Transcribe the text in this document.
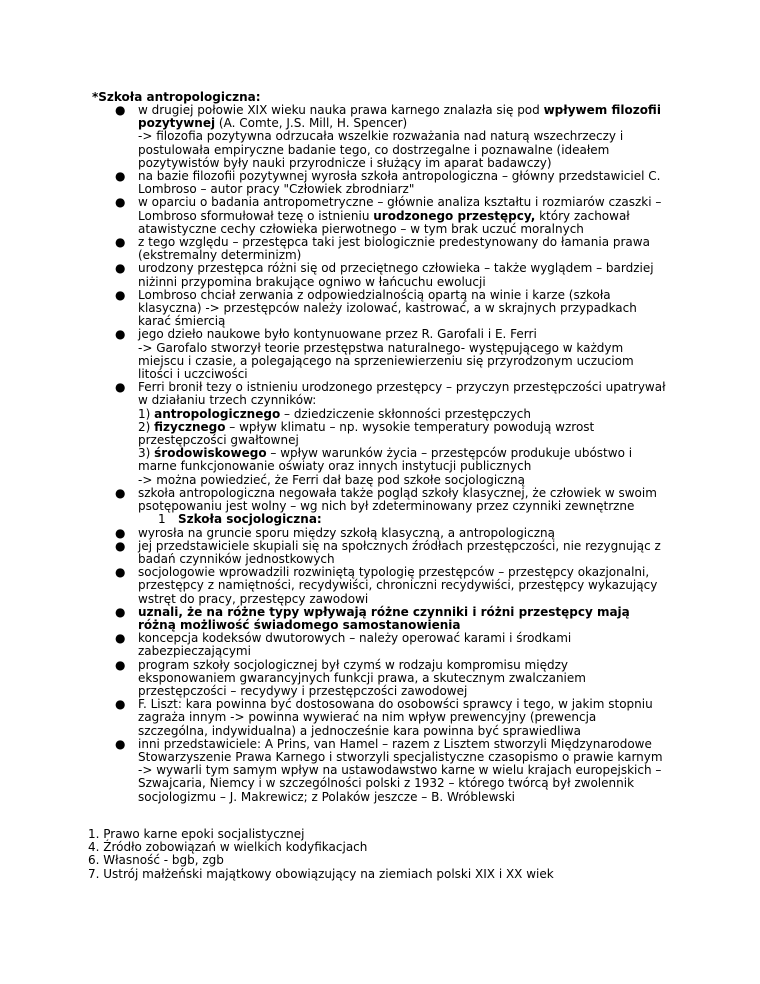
*Szkoła antropologiczna:
● w drugiej połowie XIX wieku nauka prawa karnego znalazła się pod wpływem filozofii pozytywnej (A. Comte, J.S. Mill, H. Spencer)

-> filozofia pozytywna odrzucała wszelkie rozważania nad naturą wszechrzeczy i postulowała empiryczne badanie tego, co dostrzegalne i poznawalne (ideałem pozytywistów były nauki przyrodnicze i służący im aparat badawczy)

● na bazie filozofii pozytywnej wyrosła szkoła antropologiczna – główny przedstawiciel C. Lombroso – autor pracy "Człowiek zbrodniarz"

● w oparciu o badania antropometryczne – głównie analiza kształtu i rozmiarów czaszki – Lombroso sformułował tezę o istnieniu urodzonego przestępcy, który zachował atawistyczne cechy człowieka pierwotnego – w tym brak uczuć moralnych

● z tego względu – przestępca taki jest biologicznie predestynowany do łamania prawa (ekstremalny determinizm)

● urodzony przestępca różni się od przeciętnego człowieka – także wyglądem – bardziej niżinni przypomina brakujące ogniwo w łańcuchu ewolucji

● Lombroso chciał zerwania z odpowiedzialnością opartą na winie i karze (szkoła klasyczna) -> przestępców należy izolować, kastrować, a w skrajnych przypadkach karać śmiercią

● jego dzieło naukowe było kontynuowane przez R. Garofali i E. Ferri

-> Garofalo stworzył teorie przestępstwa naturalnego- występującego w każdym miejscu i czasie, a polegającego na sprzeniewierzeniu się przyrodzonym uczuciom litości i uczciwości

● Ferri bronił tezy o istnieniu urodzonego przestępcy – przyczyn przestępczości upatrywał w działaniu trzech czynników:

1) antropologicznego – dziedziczenie skłonności przestępczych

2) fizycznego – wpływ klimatu – np. wysokie temperatury powodują wzrost przestępczości gwałtownej

3) środowiskowego – wpływ warunków życia – przestępców produkuje ubóstwo i marne funkcjonowanie oświaty oraz innych instytucji publicznych

-> można powiedzieć, że Ferri dał bazę pod szkołe socjologiczną

● szkoła antropologiczna negowała także pogląd szkoły klasycznej, że człowiek w swoim psotępowaniu jest wolny – wg nich był zdeterminowany przez czynniki zewnętrzne

1 Szkoła socjologiczna:

● wyrosła na gruncie sporu między szkołą klasyczną, a antropologiczną

● jej przedstawiciele skupiali się na społcznych źródłach przestępczości, nie rezygnując z badań czynników jednostkowych

● socjologowie wprowadzili rozwiniętą typologię przestępców – przestępcy okazjonalni, przestępcy z namiętności, recydywiści, chroniczni recydywiści, przestępcy wykazujący wstręt do pracy, przestępcy zawodowi

● uznali, że na różne typy wpływają różne czynniki i różni przestępcy mają różną możliwość świadomego samostanowienia

● koncepcja kodeksów dwutorowych – należy operować karami i środkami zabezpieczającymi

● program szkoły socjologicznej był czymś w rodzaju kompromisu między eksponowaniem gwarancyjnych funkcji prawa, a skutecznym zwalczaniem przestępczości – recydywy i przestępczości zawodowej

● F. Liszt: kara powinna być dostosowana do osobowści sprawcy i tego, w jakim stopniu zagraża innym -> powinna wywierać na nim wpływ prewencyjny (prewencja szczególna, indywidualna) a jednocześnie kara powinna być sprawiedliwa

● inni przedstawiciele: A Prins, van Hamel – razem z Lisztem stworzyli Międzynarodowe Stowarzyszenie Prawa Karnego i stworzyli specjalistyczne czasopismo o prawie karnym

-> wywarli tym samym wpływ na ustawodawstwo karne w wielu krajach europejskich – Szwajcaria, Niemcy i w szczególności polski z 1932 – którego twórcą był zwolennik socjologizmu – J. Makrewicz; z Polaków jeszcze – B. Wróblewski

1. Prawo karne epoki socjalistycznej

4. Źródło zobowiązań w wielkich kodyfikacjach

6. Własność - bgb, zgb

7. Ustrój małżeński majątkowy obowiązujący na ziemiach polski XIX i XX wiek
